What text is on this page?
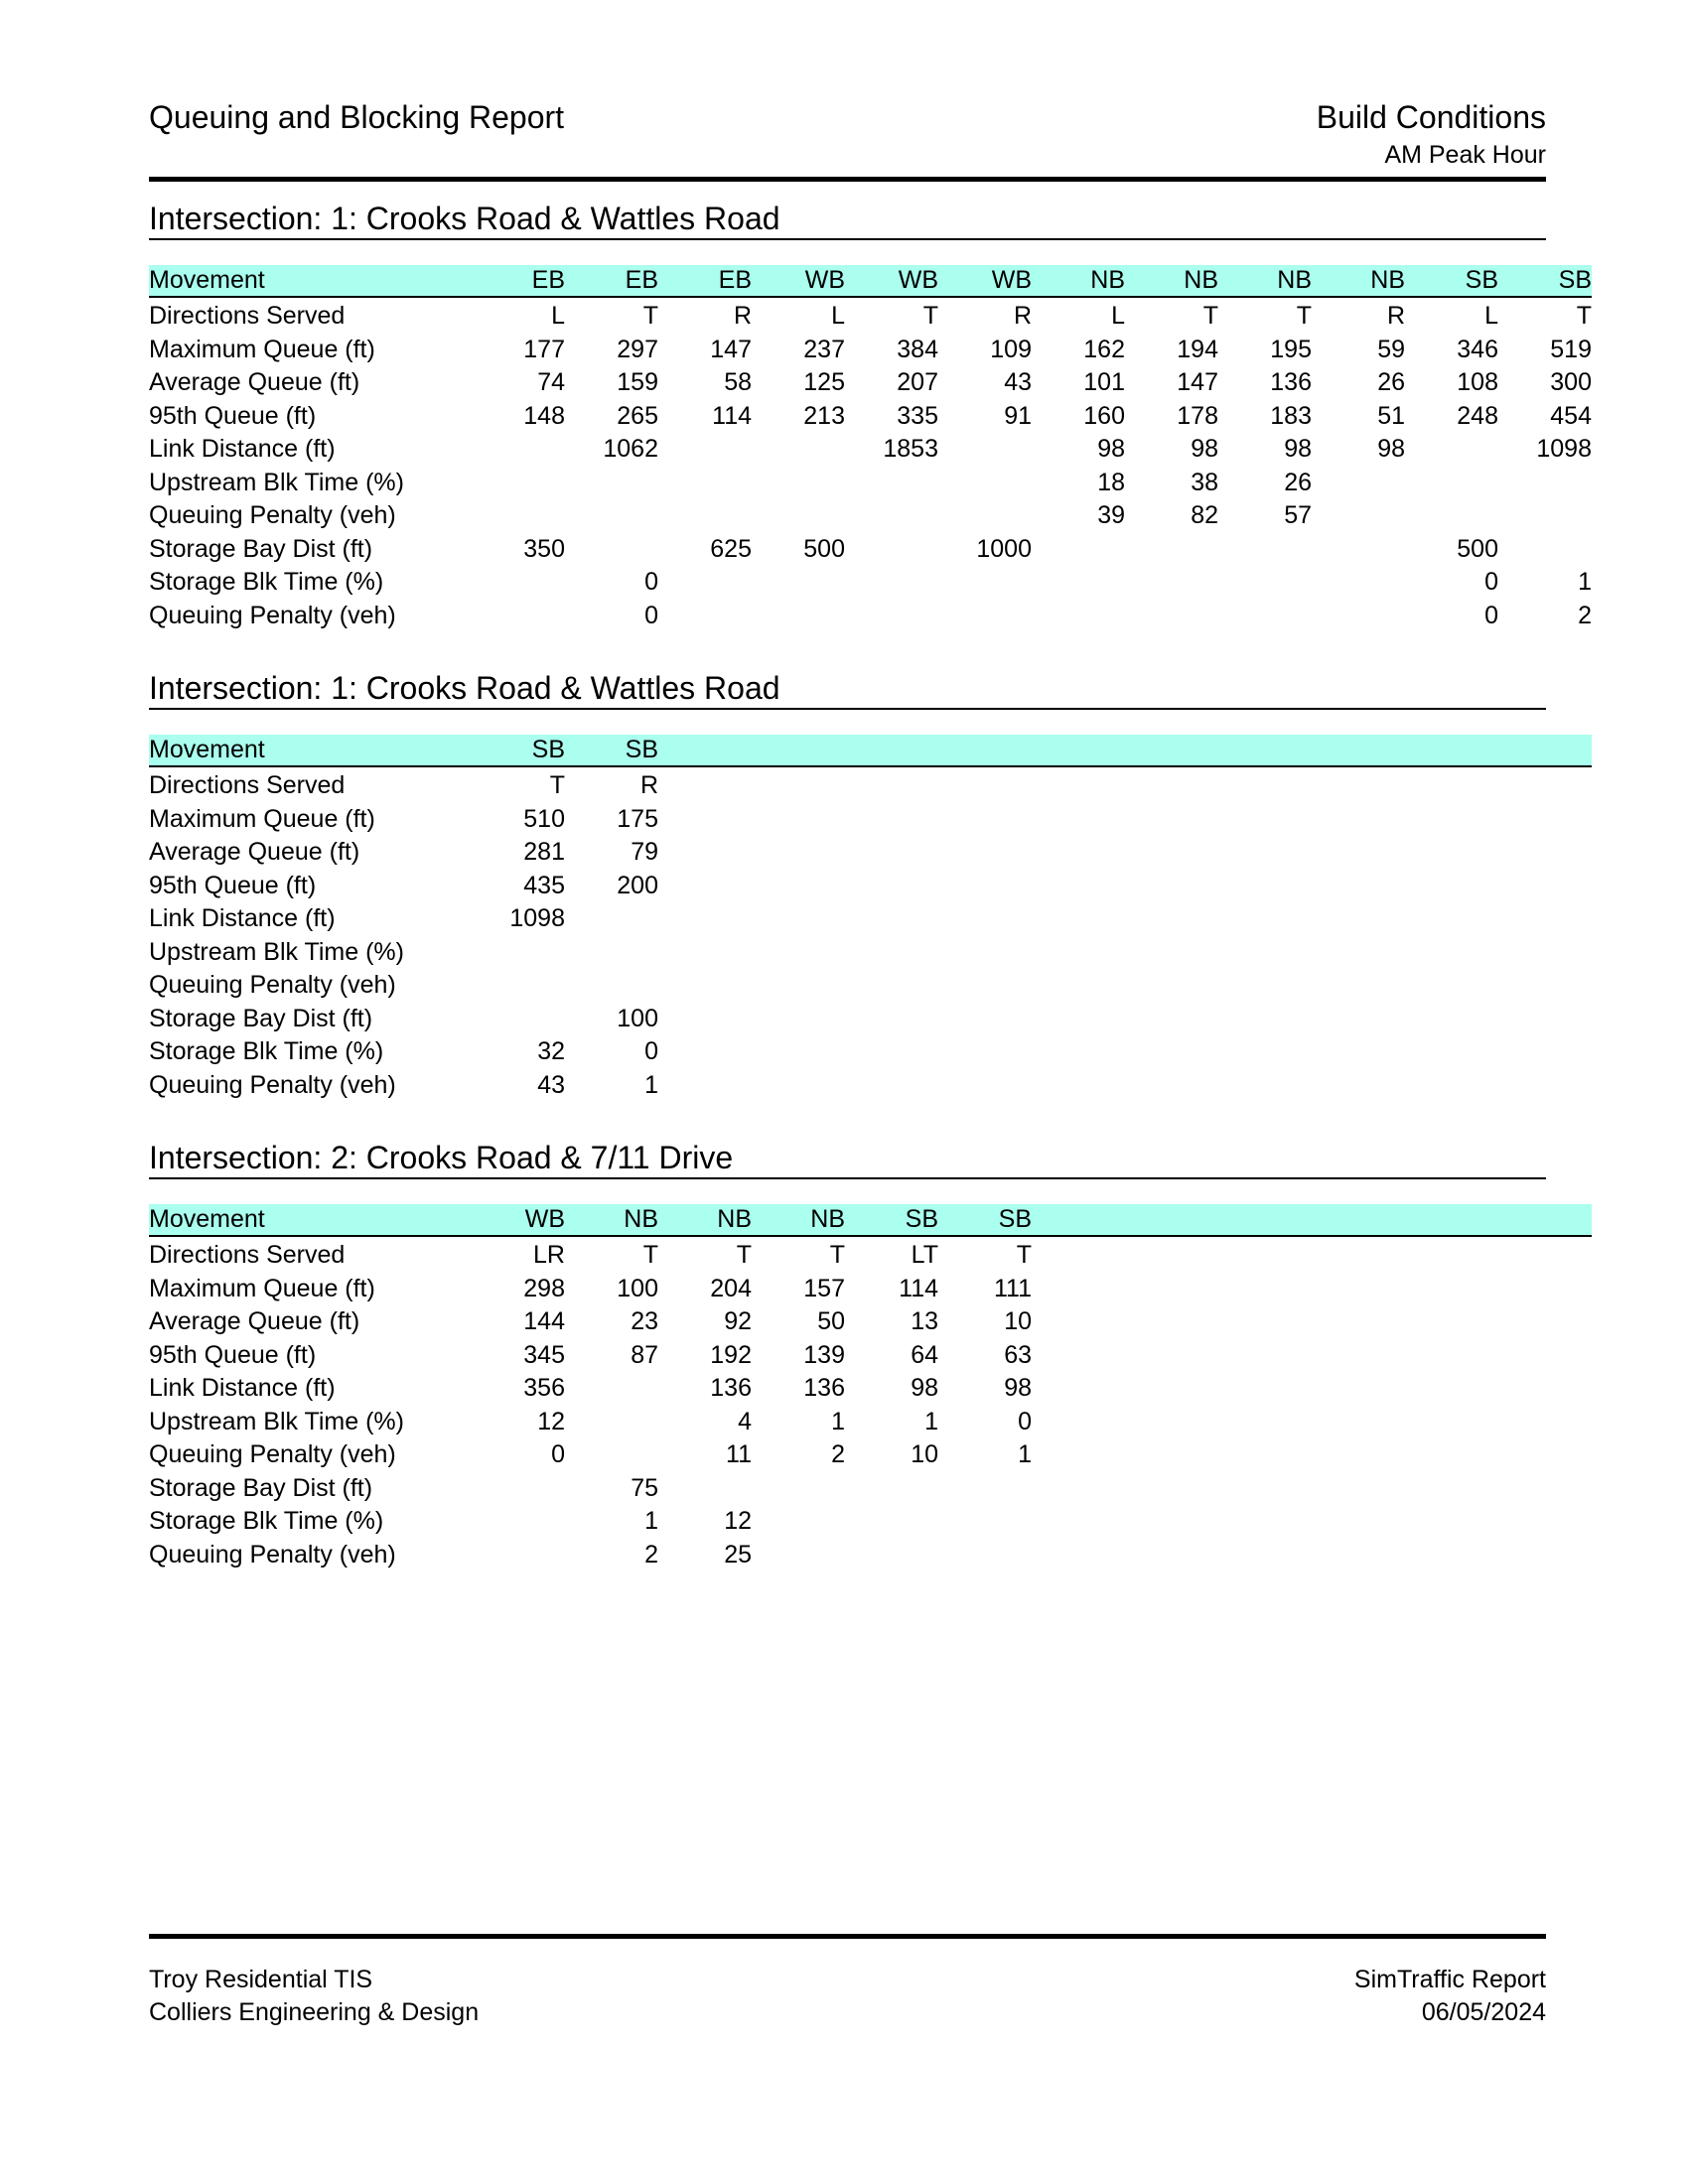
Queuing and Blocking Report	Build Conditions
AM Peak Hour
Intersection: 1: Crooks Road & Wattles Road
Movement	EB	EB	EB	WB	WB	WB	NB	NB	NB	NB	SB	SB
Directions Served	L	T	R	L	T	R	L	T	T	R	L	T
Maximum Queue (ft)	177	297	147	237	384	109	162	194	195	59	346	519
Average Queue (ft)	74	159	58	125	207	43	101	147	136	26	108	300
95th Queue (ft)	148	265	114	213	335	91	160	178	183	51	248	454
Link Distance (ft)		1062			1853		98	98	98	98		1098
Upstream Blk Time (%)							18	38	26			
Queuing Penalty (veh)							39	82	57			
Storage Bay Dist (ft)	350		625	500		1000					500	
Storage Blk Time (%)		0									0	1
Queuing Penalty (veh)		0									0	2
Intersection: 1: Crooks Road & Wattles Road
Movement	SB	SB										
Directions Served	T	R										
Maximum Queue (ft)	510	175										
Average Queue (ft)	281	79										
95th Queue (ft)	435	200										
Link Distance (ft)	1098											
Upstream Blk Time (%)												
Queuing Penalty (veh)												
Storage Bay Dist (ft)		100										
Storage Blk Time (%)	32	0										
Queuing Penalty (veh)	43	1										
Intersection: 2: Crooks Road & 7/11 Drive
Movement	WB	NB	NB	NB	SB	SB						
Directions Served	LR	T	T	T	LT	T						
Maximum Queue (ft)	298	100	204	157	114	111						
Average Queue (ft)	144	23	92	50	13	10						
95th Queue (ft)	345	87	192	139	64	63						
Link Distance (ft)	356		136	136	98	98						
Upstream Blk Time (%)	12		4	1	1	0						
Queuing Penalty (veh)	0		11	2	10	1						
Storage Bay Dist (ft)		75										
Storage Blk Time (%)		1	12									
Queuing Penalty (veh)		2	25									
Troy Residential TIS
Colliers Engineering & Design
SimTraffic Report
06/05/2024
